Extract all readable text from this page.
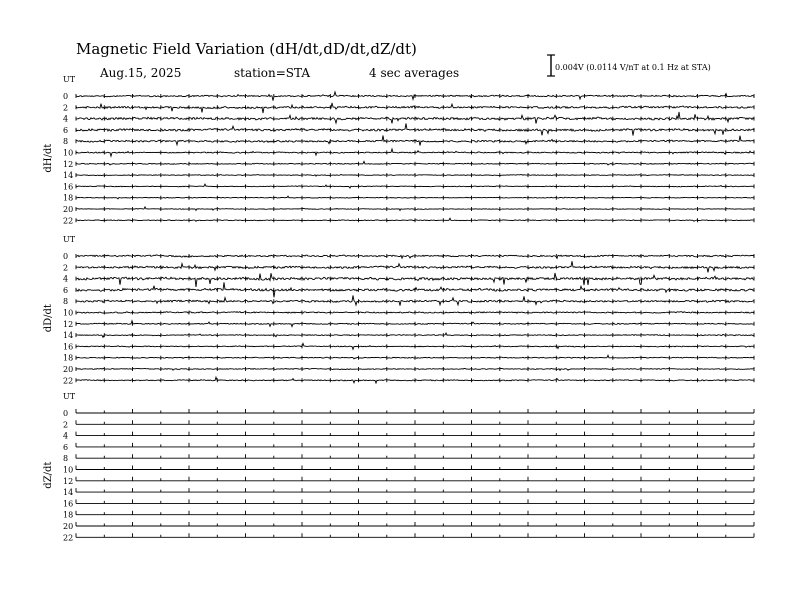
Magnetic Field Variation (dH/dt,dD/dt,dZ/dt)
Aug.15, 2025	station=STA	4 sec averages	0.004V (0.0114 V/nT at 0.1 Hz at STA)
UT
dH/dt
0
2
4
6
8
10
12
14
16
18
20
22
UT
dD/dt
0
2
4
6
8
10
12
14
16
18
20
22
UT
dZ/dt
0
2
4
6
8
10
12
14
16
18
20
22
